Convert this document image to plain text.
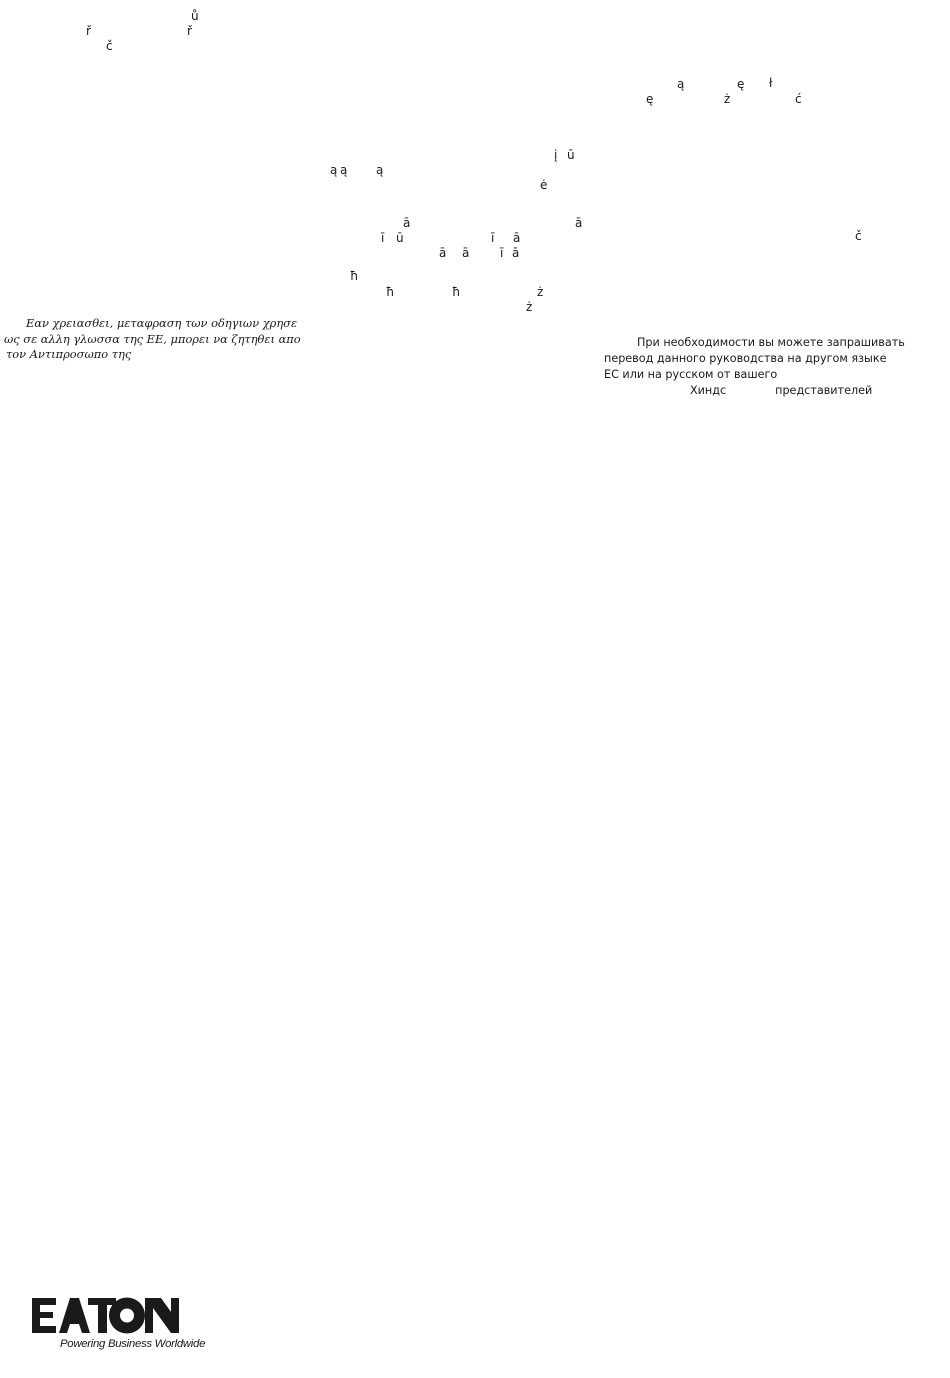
ů
ř	ř
č
ą	ę ł
ę	ż	ć
į ū
ą ą ą
ė
ā	ā
ī ū	ī ā
ā ā	ī ā
č
ħ
ħ	ħ	ż
ż
Εαν χρειασθει, μεταφραση των οδηγιων χρησε
ως σε αλλη γλωσσα της ΕΕ, μπορει να ζητηθει απο
τον Αντιπροσωπο της
При необходимости вы можете запрашивать
перевод данного руководства на другом языке
ЕС или на русском от вашего
Хиндс	представителей
Powering Business Worldwide
